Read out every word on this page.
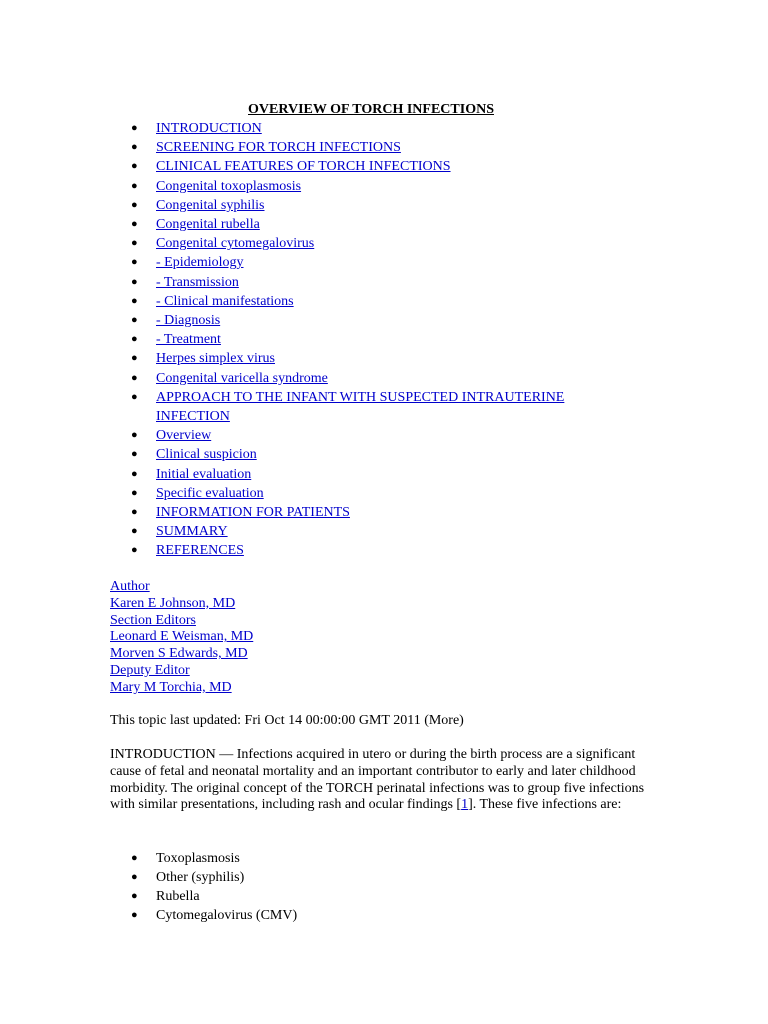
OVERVIEW OF TORCH INFECTIONS
● INTRODUCTION
● SCREENING FOR TORCH INFECTIONS
● CLINICAL FEATURES OF TORCH INFECTIONS
● Congenital toxoplasmosis
● Congenital syphilis
● Congenital rubella
● Congenital cytomegalovirus
● - Epidemiology
● - Transmission
● - Clinical manifestations
● - Diagnosis
● - Treatment
● Herpes simplex virus
● Congenital varicella syndrome
● APPROACH TO THE INFANT WITH SUSPECTED INTRAUTERINE INFECTION
● Overview
● Clinical suspicion
● Initial evaluation
● Specific evaluation
● INFORMATION FOR PATIENTS
● SUMMARY
● REFERENCES
Author
Karen E Johnson, MD
Section Editors
Leonard E Weisman, MD
Morven S Edwards, MD
Deputy Editor
Mary M Torchia, MD
This topic last updated: Fri Oct 14 00:00:00 GMT 2011 (More)

INTRODUCTION — Infections acquired in utero or during the birth process are a significant cause of fetal and neonatal mortality and an important contributor to early and later childhood morbidity. The original concept of the TORCH perinatal infections was to group five infections with similar presentations, including rash and ocular findings [1]. These five infections are:

● Toxoplasmosis
● Other (syphilis)
● Rubella
● Cytomegalovirus (CMV)
